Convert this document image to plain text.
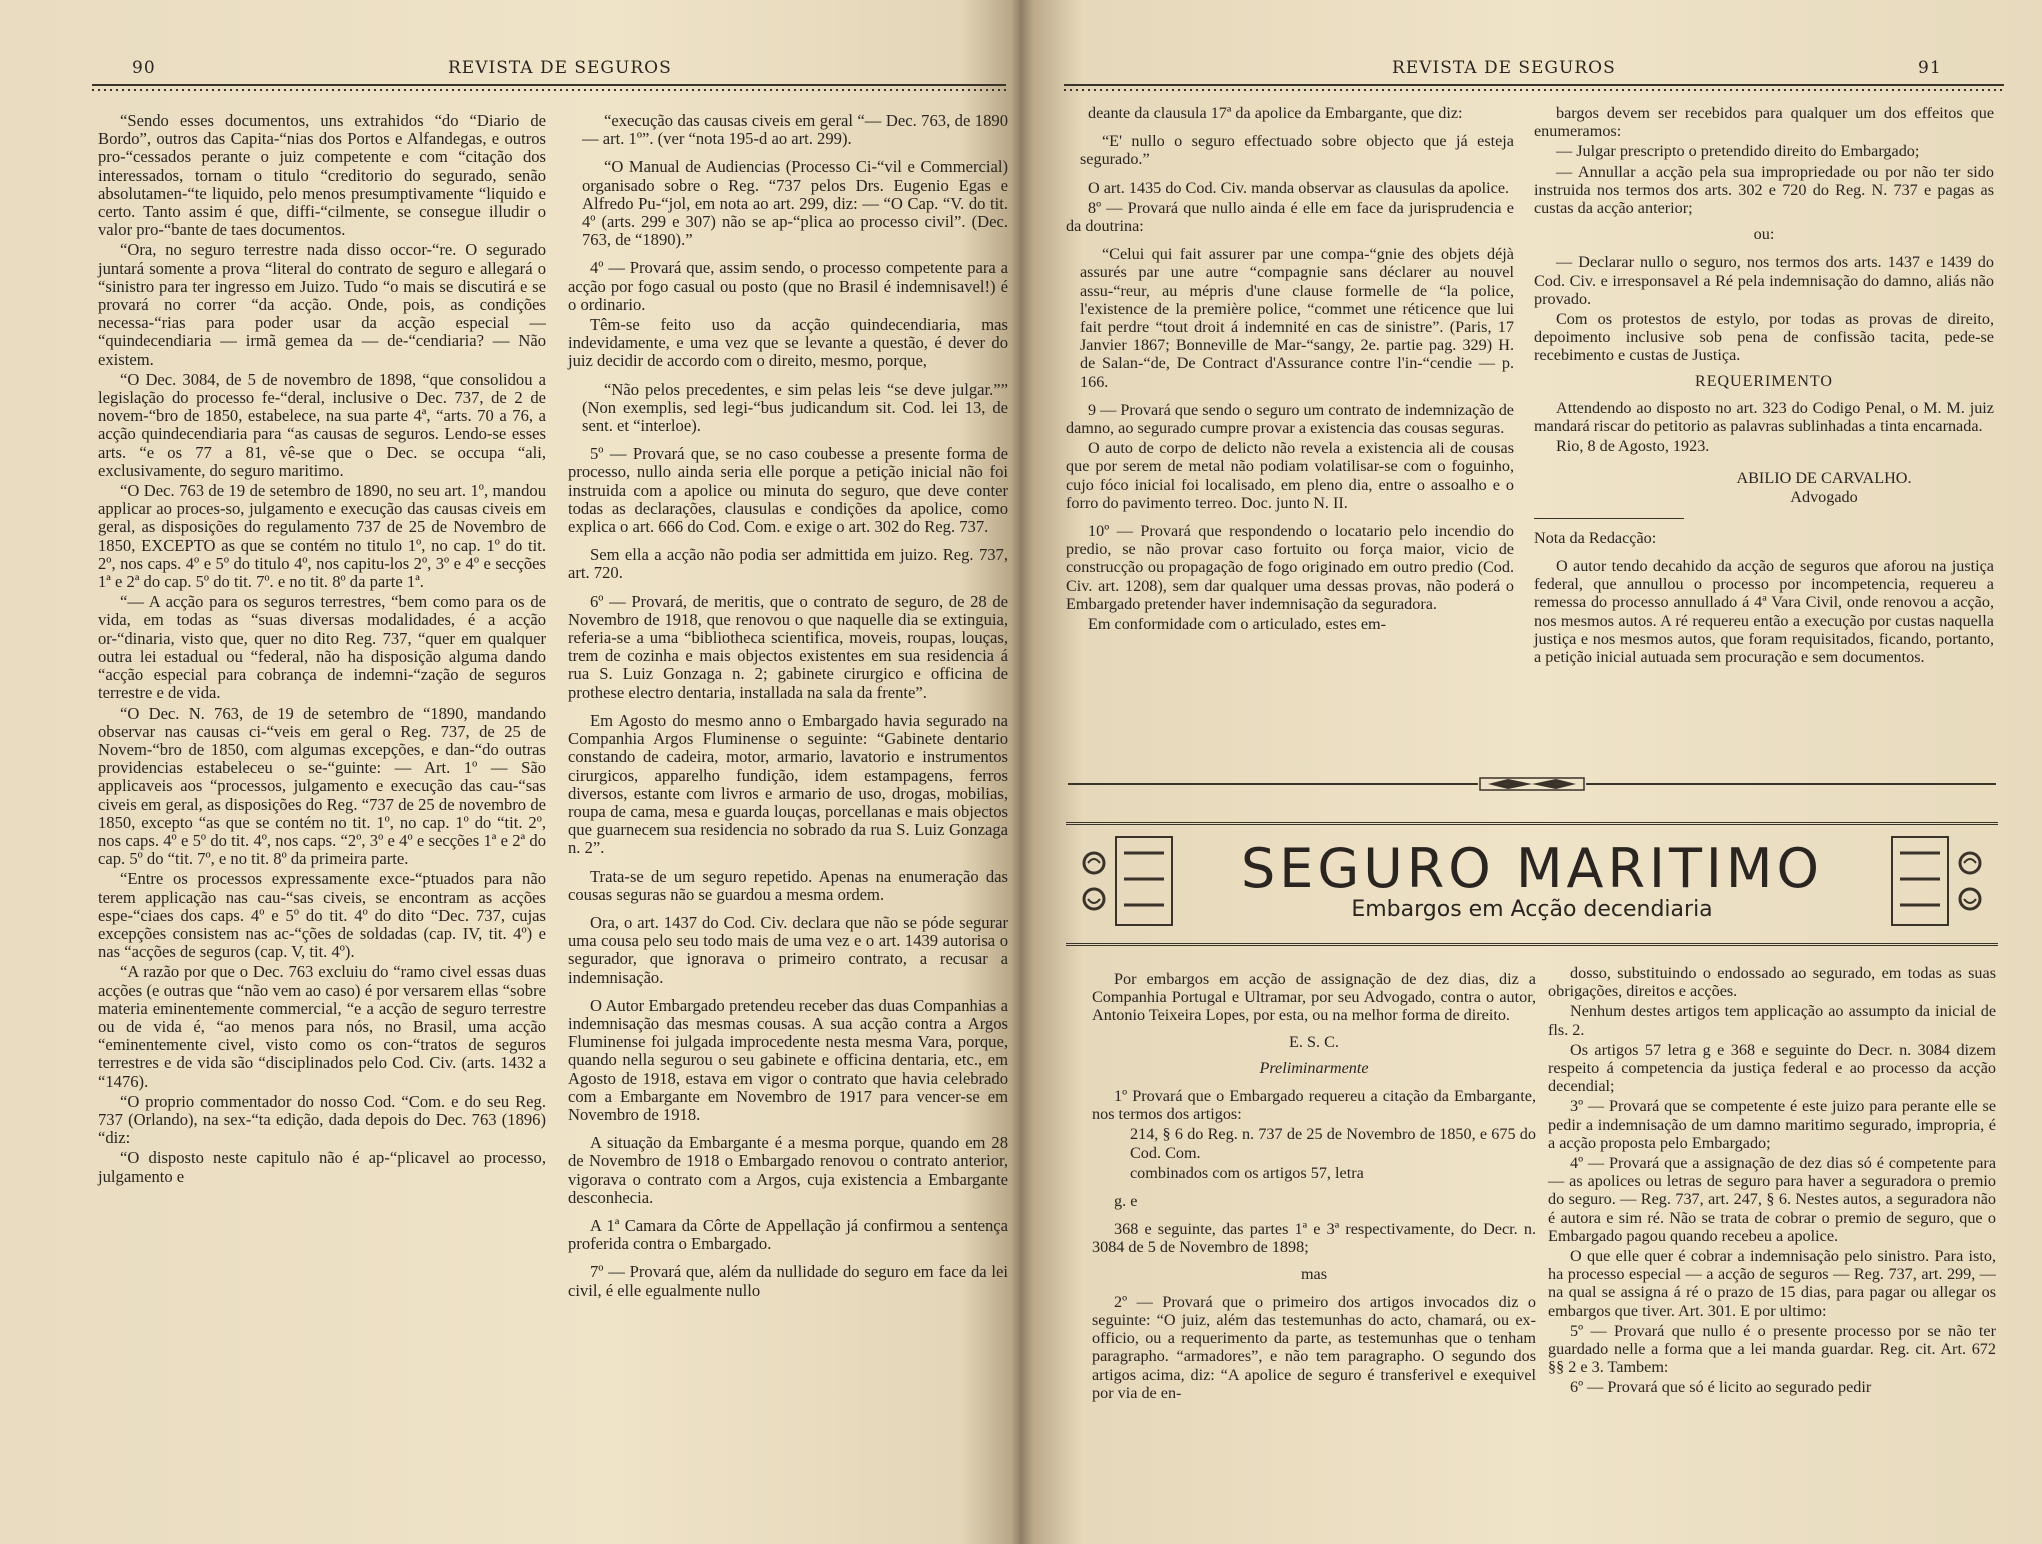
90	REVISTA DE SEGUROS

“Sendo esses documentos, uns extrahidos “do “Diario de Bordo”, outros das Capita-“nias dos Portos e Alfandegas, e outros pro-“cessados perante o juiz competente e com “citação dos interessados, tornam o titulo “creditorio do segurado, senão absolutamen-“te liquido, pelo menos presumptivamente “liquido e certo. Tanto assim é que, diffi-“cilmente, se consegue illudir o valor pro-“bante de taes documentos.

“Ora, no seguro terrestre nada disso occor-“re. O segurado juntará somente a prova “literal do contrato de seguro e allegará o “sinistro para ter ingresso em Juizo. Tudo “o mais se discutirá e se provará no correr “da acção. Onde, pois, as condições necessa-“rias para poder usar da acção especial — “quindecendiaria — irmã gemea da — de-“cendiaria? — Não existem.

“O Dec. 3084, de 5 de novembro de 1898, “que consolidou a legislação do processo fe-“deral, inclusive o Dec. 737, de 2 de novem-“bro de 1850, estabelece, na sua parte 4ª, “arts. 70 a 76, a acção quindecendiaria para “as causas de seguros. Lendo-se esses arts. “e os 77 a 81, vê-se que o Dec. se occupa “ali, exclusivamente, do seguro maritimo.

“O Dec. 763 de 19 de setembro de 1890, no seu art. 1º, mandou applicar ao proces-so, julgamento e execução das causas civeis em geral, as disposições do regulamento 737 de 25 de Novembro de 1850, EXCEPTO as que se contém no titulo 1º, no cap. 1º do tit. 2º, nos caps. 4º e 5º do titulo 4º, nos capitu-los 2º, 3º e 4º e secções 1ª e 2ª do cap. 5º do tit. 7º. e no tit. 8º da parte 1ª.

“— A acção para os seguros terrestres, “bem como para os de vida, em todas as “suas diversas modalidades, é a acção or-“dinaria, visto que, quer no dito Reg. 737, “quer em qualquer outra lei estadual ou “federal, não ha disposição alguma dando “acção especial para cobrança de indemni-“zação de seguros terrestre e de vida.

“O Dec. N. 763, de 19 de setembro de “1890, mandando observar nas causas ci-“veis em geral o Reg. 737, de 25 de Novem-“bro de 1850, com algumas excepções, e dan-“do outras providencias estabeleceu o se-“guinte: — Art. 1º — São applicaveis aos “processos, julgamento e execução das cau-“sas civeis em geral, as disposições do Reg. “737 de 25 de novembro de 1850, excepto “as que se contém no tit. 1º, no cap. 1º do “tit. 2º, nos caps. 4º e 5º do tit. 4º, nos caps. “2º, 3º e 4º e secções 1ª e 2ª do cap. 5º do “tit. 7º, e no tit. 8º da primeira parte.

“Entre os processos expressamente exce-“ptuados para não terem applicação nas cau-“sas civeis, se encontram as acções espe-“ciaes dos caps. 4º e 5º do tit. 4º do dito “Dec. 737, cujas excepções consistem nas ac-“ções de soldadas (cap. IV, tit. 4º) e nas “acções de seguros (cap. V, tit. 4º).

“A razão por que o Dec. 763 excluiu do “ramo civel essas duas acções (e outras que “não vem ao caso) é por versarem ellas “sobre materia eminentemente commercial, “e a acção de seguro terrestre ou de vida é, “ao menos para nós, no Brasil, uma acção “eminentemente civel, visto como os con-“tratos de seguros terrestres e de vida são “disciplinados pelo Cod. Civ. (arts. 1432 a “1476).

“O proprio commentador do nosso Cod. “Com. e do seu Reg. 737 (Orlando), na sex-“ta edição, dada depois do Dec. 763 (1896) “diz:

“O disposto neste capitulo não é ap-“plicavel ao processo, julgamento e

“execução das causas civeis em geral “— Dec. 763, de 1890 — art. 1º”. (ver “nota 195-d ao art. 299).

“O Manual de Audiencias (Processo Ci-“vil e Commercial) organisado sobre o Reg. “737 pelos Drs. Eugenio Egas e Alfredo Pu-“jol, em nota ao art. 299, diz: — “O Cap. “V. do tit. 4º (arts. 299 e 307) não se ap-“plica ao processo civil”. (Dec. 763, de “1890).”

4º — Provará que, assim sendo, o processo competente para a acção por fogo casual ou posto (que no Brasil é indemnisavel!) é o ordinario.

Têm-se feito uso da acção quindecendiaria, mas indevidamente, e uma vez que se levante a questão, é dever do juiz decidir de accordo com o direito, mesmo, porque,

“Não pelos precedentes, e sim pelas leis “se deve julgar.”” (Non exemplis, sed legi-“bus judicandum sit. Cod. lei 13, de sent. et “interloe).

5º — Provará que, se no caso coubesse a presente forma de processo, nullo ainda seria elle porque a petição inicial não foi instruida com a apolice ou minuta do seguro, que deve conter todas as declarações, clausulas e condições da apolice, como explica o art. 666 do Cod. Com. e exige o art. 302 do Reg. 737.

Sem ella a acção não podia ser admittida em juizo. Reg. 737, art. 720.

6º — Provará, de meritis, que o contrato de seguro, de 28 de Novembro de 1918, que renovou o que naquelle dia se extinguia, referia-se a uma “bibliotheca scientifica, moveis, roupas, louças, trem de cozinha e mais objectos existentes em sua residencia á rua S. Luiz Gonzaga n. 2; gabinete cirurgico e officina de prothese electro dentaria, installada na sala da frente”.

Em Agosto do mesmo anno o Embargado havia segurado na Companhia Argos Fluminense o seguinte: “Gabinete dentario constando de cadeira, motor, armario, lavatorio e instrumentos cirurgicos, apparelho fundição, idem estampagens, ferros diversos, estante com livros e armario de uso, drogas, mobilias, roupa de cama, mesa e guarda louças, porcellanas e mais objectos que guarnecem sua residencia no sobrado da rua S. Luiz Gonzaga n. 2”.

Trata-se de um seguro repetido. Apenas na enumeração das cousas seguras não se guardou a mesma ordem.

Ora, o art. 1437 do Cod. Civ. declara que não se póde segurar uma cousa pelo seu todo mais de uma vez e o art. 1439 autorisa o segurador, que ignorava o primeiro contrato, a recusar a indemnisação.

O Autor Embargado pretendeu receber das duas Companhias a indemnisação das mesmas cousas. A sua acção contra a Argos Fluminense foi julgada improcedente nesta mesma Vara, porque, quando nella segurou o seu gabinete e officina dentaria, etc., em Agosto de 1918, estava em vigor o contrato que havia celebrado com a Embargante em Novembro de 1917 para vencer-se em Novembro de 1918.

A situação da Embargante é a mesma porque, quando em 28 de Novembro de 1918 o Embargado renovou o contrato anterior, vigorava o contrato com a Argos, cuja existencia a Embargante desconhecia.

A 1ª Camara da Côrte de Appellação já confirmou a sentença proferida contra o Embargado.

7º — Provará que, além da nullidade do seguro em face da lei civil, é elle egualmente nullo

REVISTA DE SEGUROS	91

deante da clausula 17ª da apolice da Embargante, que diz:

“E' nullo o seguro effectuado sobre objecto que já esteja segurado.”

O art. 1435 do Cod. Civ. manda observar as clausulas da apolice.

8º — Provará que nullo ainda é elle em face da jurisprudencia e da doutrina:

“Celui qui fait assurer par une compa-“gnie des objets déjà assurés par une autre “compagnie sans déclarer au nouvel assu-“reur, au mépris d'une clause formelle de “la police, l'existence de la première police, “commet une réticence que lui fait perdre “tout droit á indemnité en cas de sinistre”. (Paris, 17 Janvier 1867; Bonneville de Mar-“sangy, 2e. partie pag. 329) H. de Salan-“de, De Contract d'Assurance contre l'in-“cendie — p. 166.

9 — Provará que sendo o seguro um contrato de indemnização de damno, ao segurado cumpre provar a existencia das cousas seguras.

O auto de corpo de delicto não revela a existencia ali de cousas que por serem de metal não podiam volatilisar-se com o foguinho, cujo fóco inicial foi localisado, em pleno dia, entre o assoalho e o forro do pavimento terreo. Doc. junto N. II.

10º — Provará que respondendo o locatario pelo incendio do predio, se não provar caso fortuito ou força maior, vicio de construcção ou propagação de fogo originado em outro predio (Cod. Civ. art. 1208), sem dar qualquer uma dessas provas, não poderá o Embargado pretender haver indemnisação da seguradora.

Em conformidade com o articulado, estes em-

bargos devem ser recebidos para qualquer um dos effeitos que enumeramos:

— Julgar prescripto o pretendido direito do Embargado;

— Annullar a acção pela sua impropriedade ou por não ter sido instruida nos termos dos arts. 302 e 720 do Reg. N. 737 e pagas as custas da acção anterior;

ou:

— Declarar nullo o seguro, nos termos dos arts. 1437 e 1439 do Cod. Civ. e irresponsavel a Ré pela indemnisação do damno, aliás não provado.

Com os protestos de estylo, por todas as provas de direito, depoimento inclusive sob pena de confissão tacita, pede-se recebimento e custas de Justiça.

REQUERIMENTO

Attendendo ao disposto no art. 323 do Codigo Penal, o M. M. juiz mandará riscar do petitorio as palavras sublinhadas a tinta encarnada.

Rio, 8 de Agosto, 1923.

ABILIO DE CARVALHO.

Advogado

Nota da Redacção:

O autor tendo decahido da acção de seguros que aforou na justiça federal, que annullou o processo por incompetencia, requereu a remessa do processo annullado á 4ª Vara Civil, onde renovou a acção, nos mesmos autos. A ré requereu então a execução por custas naquella justiça e nos mesmos autos, que foram requisitados, ficando, portanto, a petição inicial autuada sem procuração e sem documentos.

SEGURO MARITIMO
Embargos em Acção decendiaria

Por embargos em acção de assignação de dez dias, diz a Companhia Portugal e Ultramar, por seu Advogado, contra o autor, Antonio Teixeira Lopes, por esta, ou na melhor forma de direito.

E. S. C.

Preliminarmente

1º Provará que o Embargado requereu a citação da Embargante, nos termos dos artigos:

214, § 6 do Reg. n. 737 de 25 de Novembro de 1850, e 675 do Cod. Com.

combinados com os artigos 57, letra

g. e

368 e seguinte, das partes 1ª e 3ª respectivamente, do Decr. n. 3084 de 5 de Novembro de 1898;

mas

2º — Provará que o primeiro dos artigos invocados diz o seguinte: “O juiz, além das testemunhas do acto, chamará, ou ex-officio, ou a requerimento da parte, as testemunhas que o tenham paragrapho. “armadores”, e não tem paragrapho. O segundo dos artigos acima, diz: “A apolice de seguro é transferivel e exequivel por via de en-

dosso, substituindo o endossado ao segurado, em todas as suas obrigações, direitos e acções.

Nenhum destes artigos tem applicação ao assumpto da inicial de fls. 2.

Os artigos 57 letra g e 368 e seguinte do Decr. n. 3084 dizem respeito á competencia da justiça federal e ao processo da acção decendial;

3º — Provará que se competente é este juizo para perante elle se pedir a indemnisação de um damno maritimo segurado, impropria, é a acção proposta pelo Embargado;

4º — Provará que a assignação de dez dias só é competente para — as apolices ou letras de seguro para haver a seguradora o premio do seguro. — Reg. 737, art. 247, § 6. Nestes autos, a seguradora não é autora e sim ré. Não se trata de cobrar o premio de seguro, que o Embargado pagou quando recebeu a apolice.

O que elle quer é cobrar a indemnisação pelo sinistro. Para isto, ha processo especial — a acção de seguros — Reg. 737, art. 299, — na qual se assigna á ré o prazo de 15 dias, para pagar ou allegar os embargos que tiver. Art. 301. E por ultimo:

5º — Provará que nullo é o presente processo por se não ter guardado nelle a forma que a lei manda guardar. Reg. cit. Art. 672 §§ 2 e 3. Tambem:

6º — Provará que só é licito ao segurado pedir
